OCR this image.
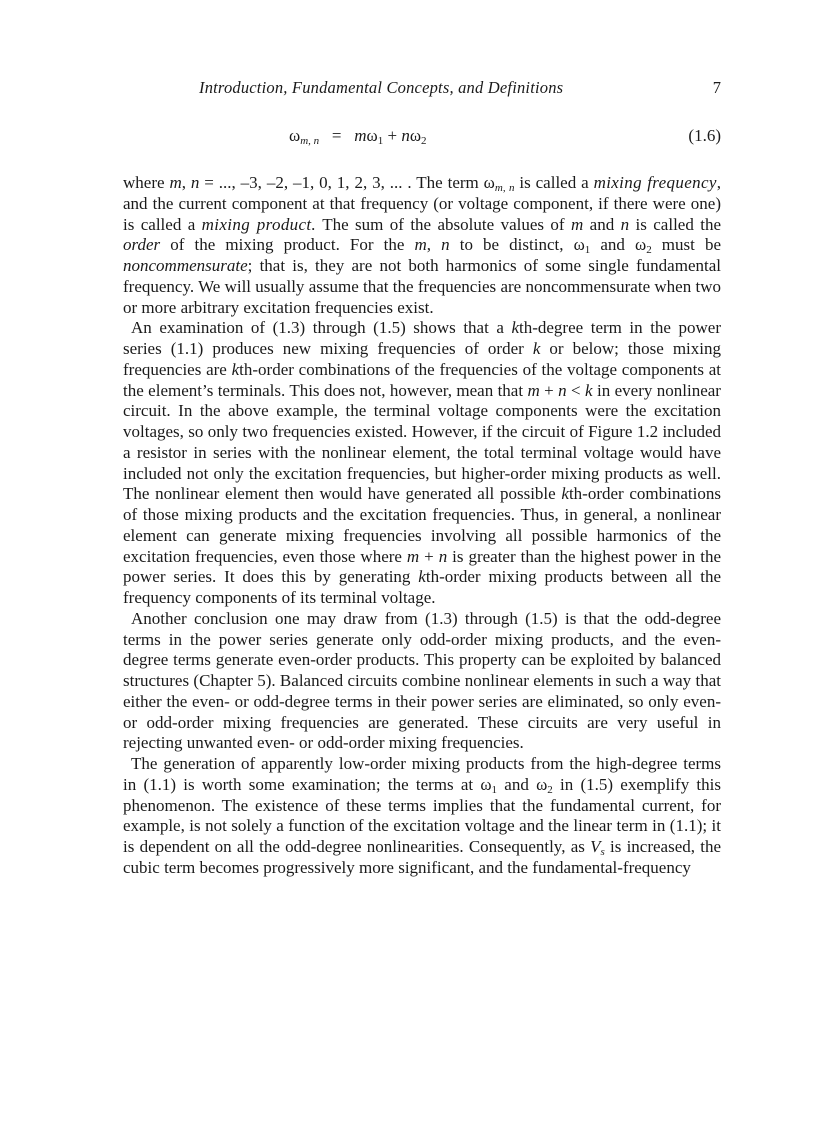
Introduction, Fundamental Concepts, and Definitions	7
$\omega_{m, n} = m\omega_1 + n\omega_2$	(1.6)

where m, n = ..., –3, –2, –1, 0, 1, 2, 3, ... . The term $\omega_{m, n}$ is called a mixing frequency, and the current component at that frequency (or voltage component, if there were one) is called a mixing product. The sum of the absolute values of m and n is called the order of the mixing product. For the m, n to be distinct, $\omega_1$ and $\omega_2$ must be noncommensurate; that is, they are not both harmonics of some single fundamental frequency. We will usually assume that the frequencies are noncommensurate when two or more arbitrary excitation frequencies exist.

An examination of (1.3) through (1.5) shows that a kth-degree term in the power series (1.1) produces new mixing frequencies of order k or below; those mixing frequencies are kth-order combinations of the frequencies of the voltage components at the element’s terminals. This does not, however, mean that m + n < k in every nonlinear circuit. In the above example, the terminal voltage components were the excitation voltages, so only two frequencies existed. However, if the circuit of Figure 1.2 included a resistor in series with the nonlinear element, the total terminal voltage would have included not only the excitation frequencies, but higher-order mixing products as well. The nonlinear element then would have generated all possible kth-order combinations of those mixing products and the excitation frequencies. Thus, in general, a nonlinear element can generate mixing frequencies involving all possible harmonics of the excitation frequencies, even those where m + n is greater than the highest power in the power series. It does this by generating kth-order mixing products between all the frequency components of its terminal voltage.

Another conclusion one may draw from (1.3) through (1.5) is that the odd-degree terms in the power series generate only odd-order mixing products, and the even-degree terms generate even-order products. This property can be exploited by balanced structures (Chapter 5). Balanced circuits combine nonlinear elements in such a way that either the even- or odd-degree terms in their power series are eliminated, so only even- or odd-order mixing frequencies are generated. These circuits are very useful in rejecting unwanted even- or odd-order mixing frequencies.

The generation of apparently low-order mixing products from the high-degree terms in (1.1) is worth some examination; the terms at $\omega_1$ and $\omega_2$ in (1.5) exemplify this phenomenon. The existence of these terms implies that the fundamental current, for example, is not solely a function of the excitation voltage and the linear term in (1.1); it is dependent on all the odd-degree nonlinearities. Consequently, as $V_s$ is increased, the cubic term becomes progressively more significant, and the fundamental-frequency
